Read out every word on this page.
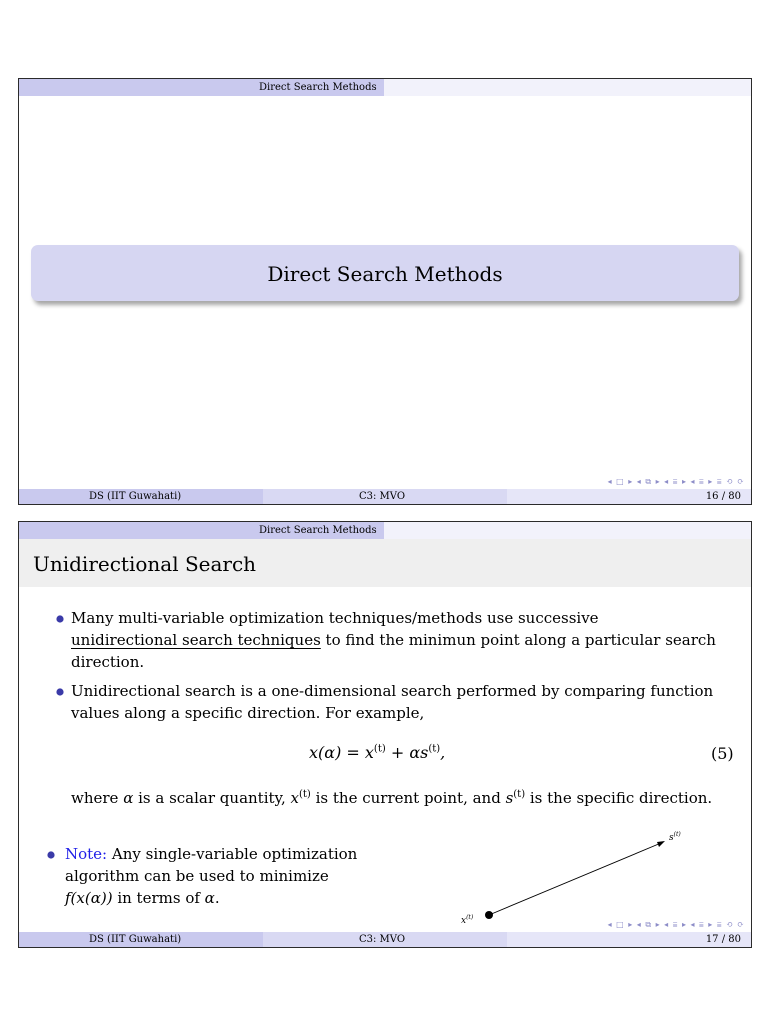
Direct Search Methods
Direct Search Methods
◂ □ ▸ ◂ ⧉ ▸ ◂ ≣ ▸ ◂ ≣ ▸ ≣ ⟲ ⟳
DS (IIT Guwahati)	C3: MVO	16 / 80
Direct Search Methods
Unidirectional Search
Many multi-variable optimization techniques/methods use successive
unidirectional search techniques to find the minimun point along a particular search
direction.
Unidirectional search is a one-dimensional search performed by comparing function
values along a specific direction. For example,
$x(\alpha) = x^{(t)} + \alpha s^{(t)}$,	(5)
where α is a scalar quantity, $x^{(t)}$ is the current point, and $s^{(t)}$ is the specific direction.
Note: Any single-variable optimization
algorithm can be used to minimize
f(x(α)) in terms of α.
$x^{(t)}$
$s^{(t)}$
◂ □ ▸ ◂ ⧉ ▸ ◂ ≣ ▸ ◂ ≣ ▸ ≣ ⟲ ⟳
DS (IIT Guwahati)	C3: MVO	17 / 80
